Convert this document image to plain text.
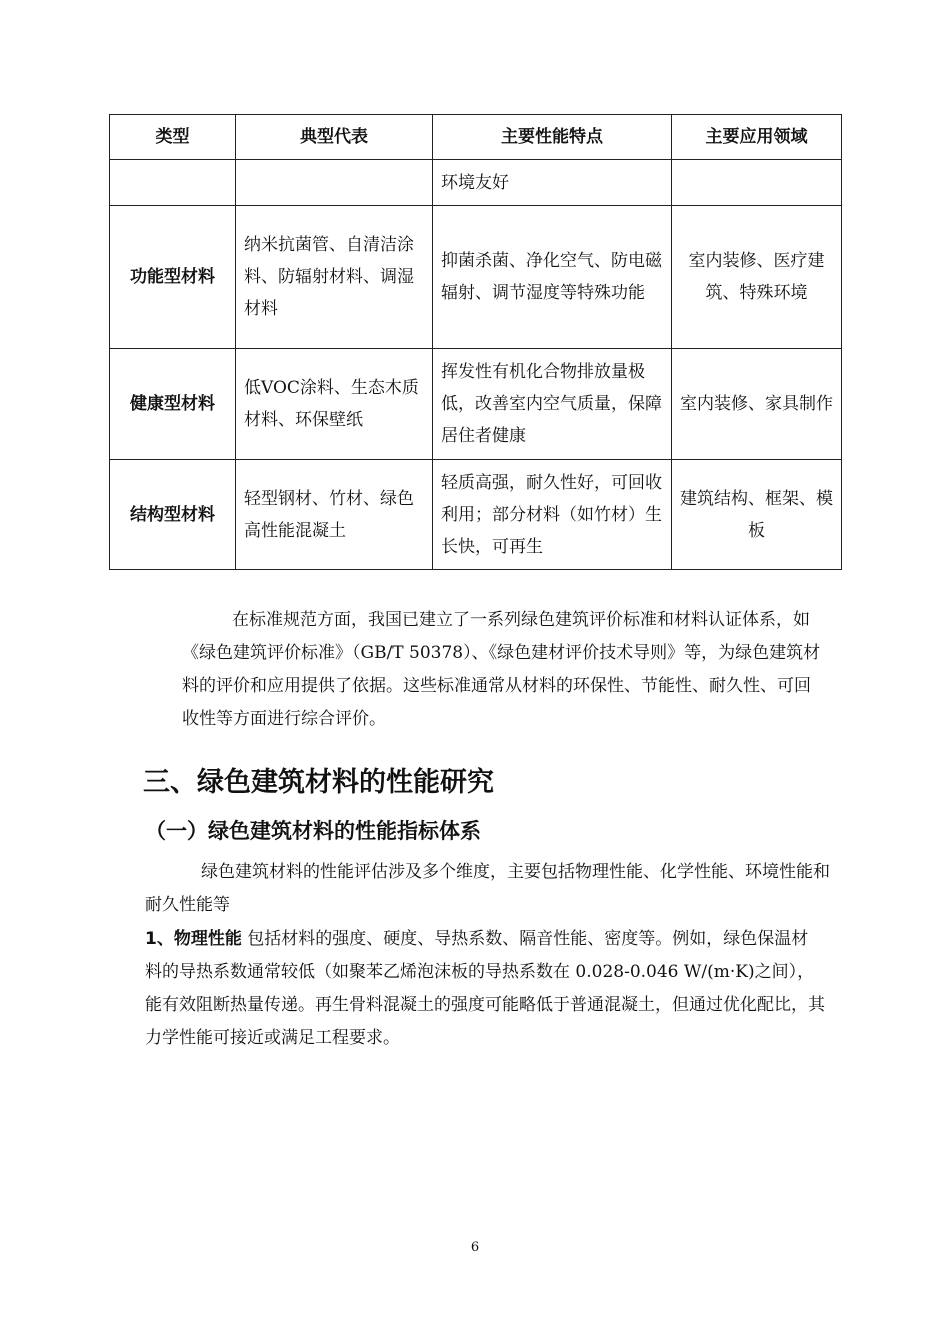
类型	典型代表	主要性能特点	主要应用领域
		环境友好	
功能型材料	纳米抗菌管、自清洁涂料、防辐射材料、调湿材料	抑菌杀菌、净化空气、防电磁辐射、调节湿度等特殊功能	室内装修、医疗建筑、特殊环境
健康型材料	低VOC涂料、生态木质材料、环保壁纸	挥发性有机化合物排放量极低，改善室内空气质量，保障居住者健康	室内装修、家具制作
结构型材料	轻型钢材、竹材、绿色高性能混凝土	轻质高强，耐久性好，可回收利用；部分材料（如竹材）生长快，可再生	建筑结构、框架、模板

在标准规范方面，我国已建立了一系列绿色建筑评价标准和材料认证体系，如《绿色建筑评价标准》（GB/T 50378）、《绿色建材评价技术导则》等，为绿色建筑材料的评价和应用提供了依据。这些标准通常从材料的环保性、节能性、耐久性、可回收性等方面进行综合评价。

三、绿色建筑材料的性能研究
（一）绿色建筑材料的性能指标体系

绿色建筑材料的性能评估涉及多个维度，主要包括物理性能、化学性能、环境性能和耐久性能等

1、物理性能 包括材料的强度、硬度、导热系数、隔音性能、密度等。例如，绿色保温材料的导热系数通常较低（如聚苯乙烯泡沫板的导热系数在 0.028-0.046 W/(m·K)之间），能有效阻断热量传递。再生骨料混凝土的强度可能略低于普通混凝土，但通过优化配比，其力学性能可接近或满足工程要求。

6
